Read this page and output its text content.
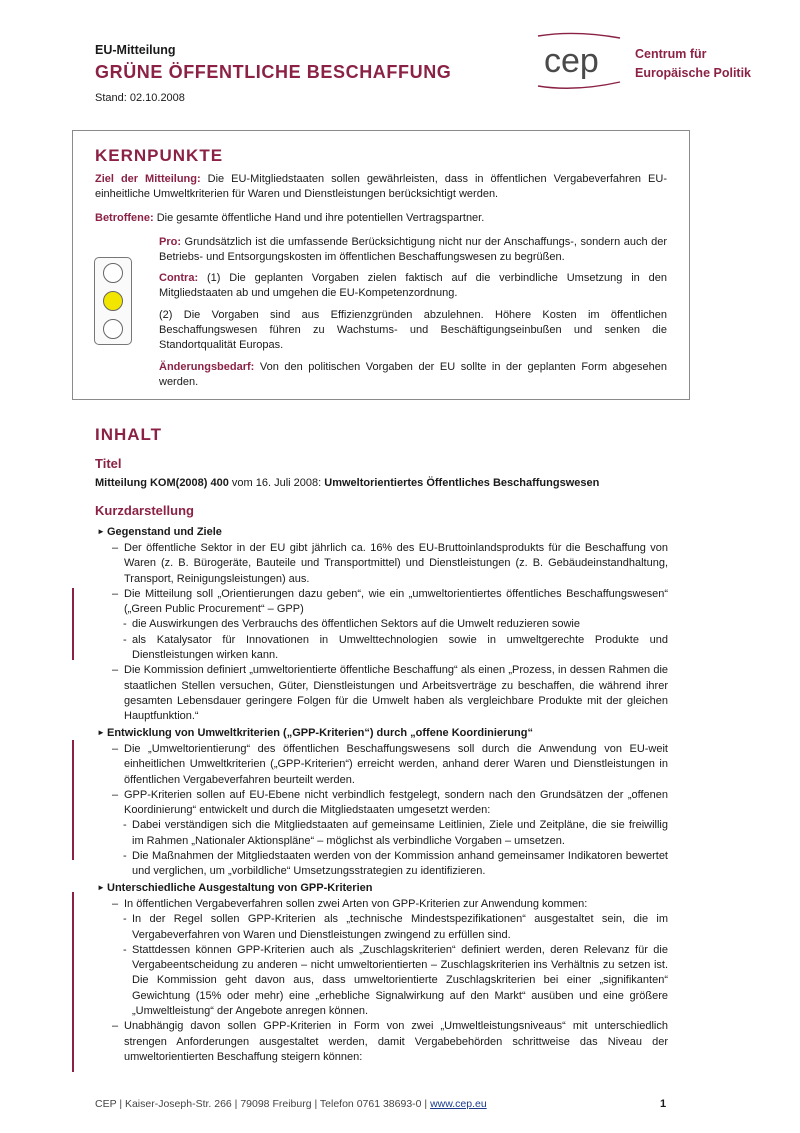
EU-Mitteilung
GRÜNE ÖFFENTLICHE BESCHAFFUNG
Stand: 02.10.2008
cep	Centrum für
Europäische Politik
KERNPUNKTE
Ziel der Mitteilung: Die EU-Mitgliedstaaten sollen gewährleisten, dass in öffentlichen Vergabeverfahren EU-einheitliche Umweltkriterien für Waren und Dienstleistungen berücksichtigt werden.
Betroffene: Die gesamte öffentliche Hand und ihre potentiellen Vertragspartner.
Pro: Grundsätzlich ist die umfassende Berücksichtigung nicht nur der Anschaffungs-, sondern auch der Betriebs- und Entsorgungskosten im öffentlichen Beschaffungswesen zu begrüßen.
Contra: (1) Die geplanten Vorgaben zielen faktisch auf die verbindliche Umsetzung in den Mitgliedstaaten ab und umgehen die EU-Kompetenzordnung.
(2) Die Vorgaben sind aus Effizienzgründen abzulehnen. Höhere Kosten im öffentlichen Beschaffungswesen führen zu Wachstums- und Beschäftigungseinbußen und senken die Standortqualität Europas.
Änderungsbedarf: Von den politischen Vorgaben der EU sollte in der geplanten Form abgesehen werden.
INHALT
Titel
Mitteilung KOM(2008) 400 vom 16. Juli 2008: Umweltorientiertes Öffentliches Beschaffungswesen
Kurzdarstellung
► Gegenstand und Ziele
– Der öffentliche Sektor in der EU gibt jährlich ca. 16% des EU-Bruttoinlandsprodukts für die Beschaffung von Waren (z. B. Bürogeräte, Bauteile und Transportmittel) und Dienstleistungen (z. B. Gebäudeinstandhaltung, Transport, Reinigungsleistungen) aus.
– Die Mitteilung soll „Orientierungen dazu geben“, wie ein „umweltorientiertes öffentliches Beschaffungswesen“ („Green Public Procurement“ – GPP)
- die Auswirkungen des Verbrauchs des öffentlichen Sektors auf die Umwelt reduzieren sowie
- als Katalysator für Innovationen in Umwelttechnologien sowie in umweltgerechte Produkte und Dienstleistungen wirken kann.
– Die Kommission definiert „umweltorientierte öffentliche Beschaffung“ als einen „Prozess, in dessen Rahmen die staatlichen Stellen versuchen, Güter, Dienstleistungen und Arbeitsverträge zu beschaffen, die während ihrer gesamten Lebensdauer geringere Folgen für die Umwelt haben als vergleichbare Produkte mit der gleichen Hauptfunktion.“
► Entwicklung von Umweltkriterien („GPP-Kriterien“) durch „offene Koordinierung“
– Die „Umweltorientierung“ des öffentlichen Beschaffungswesens soll durch die Anwendung von EU-weit einheitlichen Umweltkriterien („GPP-Kriterien“) erreicht werden, anhand derer Waren und Dienstleistungen in öffentlichen Vergabeverfahren beurteilt werden.
– GPP-Kriterien sollen auf EU-Ebene nicht verbindlich festgelegt, sondern nach den Grundsätzen der „offenen Koordinierung“ entwickelt und durch die Mitgliedstaaten umgesetzt werden:
- Dabei verständigen sich die Mitgliedstaaten auf gemeinsame Leitlinien, Ziele und Zeitpläne, die sie freiwillig im Rahmen „Nationaler Aktionspläne“ – möglichst als verbindliche Vorgaben – umsetzen.
- Die Maßnahmen der Mitgliedstaaten werden von der Kommission anhand gemeinsamer Indikatoren bewertet und verglichen, um „vorbildliche“ Umsetzungsstrategien zu identifizieren.
► Unterschiedliche Ausgestaltung von GPP-Kriterien
– In öffentlichen Vergabeverfahren sollen zwei Arten von GPP-Kriterien zur Anwendung kommen:
- In der Regel sollen GPP-Kriterien als „technische Mindestspezifikationen“ ausgestaltet sein, die im Vergabeverfahren von Waren und Dienstleistungen zwingend zu erfüllen sind.
- Stattdessen können GPP-Kriterien auch als „Zuschlagskriterien“ definiert werden, deren Relevanz für die Vergabeentscheidung zu anderen – nicht umweltorientierten – Zuschlagskriterien ins Verhältnis zu setzen ist. Die Kommission geht davon aus, dass umweltorientierte Zuschlagskriterien bei einer „signifikanten“ Gewichtung (15% oder mehr) eine „erhebliche Signalwirkung auf den Markt“ ausüben und eine größere „Umweltleistung“ der Angebote anregen können.
– Unabhängig davon sollen GPP-Kriterien in Form von zwei „Umweltleistungsniveaus“ mit unterschiedlich strengen Anforderungen ausgestaltet werden, damit Vergabebehörden schrittweise das Niveau der umweltorientierten Beschaffung steigern können:
CEP | Kaiser-Joseph-Str. 266 | 79098 Freiburg | Telefon 0761 38693-0 | www.cep.eu	1
